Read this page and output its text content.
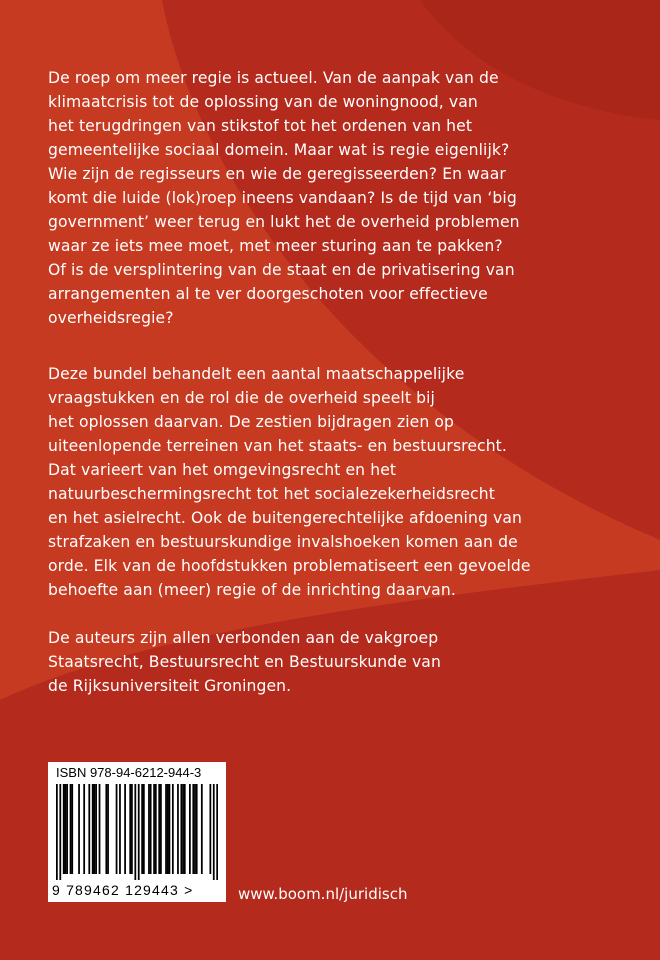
De roep om meer regie is actueel. Van de aanpak van de
klimaatcrisis tot de oplossing van de woningnood, van
het terugdringen van stikstof tot het ordenen van het
gemeentelijke sociaal domein. Maar wat is regie eigenlijk?
Wie zijn de regisseurs en wie de geregisseerden? En waar
komt die luide (lok)roep ineens vandaan? Is de tijd van ‘big
government’ weer terug en lukt het de overheid problemen
waar ze iets mee moet, met meer sturing aan te pakken?
Of is de versplintering van de staat en de privatisering van
arrangementen al te ver doorgeschoten voor effectieve
overheidsregie?
Deze bundel behandelt een aantal maatschappelijke
vraagstukken en de rol die de overheid speelt bij
het oplossen daarvan. De zestien bijdragen zien op
uiteenlopende terreinen van het staats- en bestuursrecht.
Dat varieert van het omgevingsrecht en het
natuurbeschermingsrecht tot het socialezekerheidsrecht
en het asielrecht. Ook de buitengerechtelijke afdoening van
strafzaken en bestuurskundige invalshoeken komen aan de
orde. Elk van de hoofdstukken problematiseert een gevoelde
behoefte aan (meer) regie of de inrichting daarvan.
De auteurs zijn allen verbonden aan de vakgroep
Staatsrecht, Bestuursrecht en Bestuurskunde van
de Rijksuniversiteit Groningen.
ISBN 978-94-6212-944-3
9 789462 129443 >	www.boom.nl/juridisch
